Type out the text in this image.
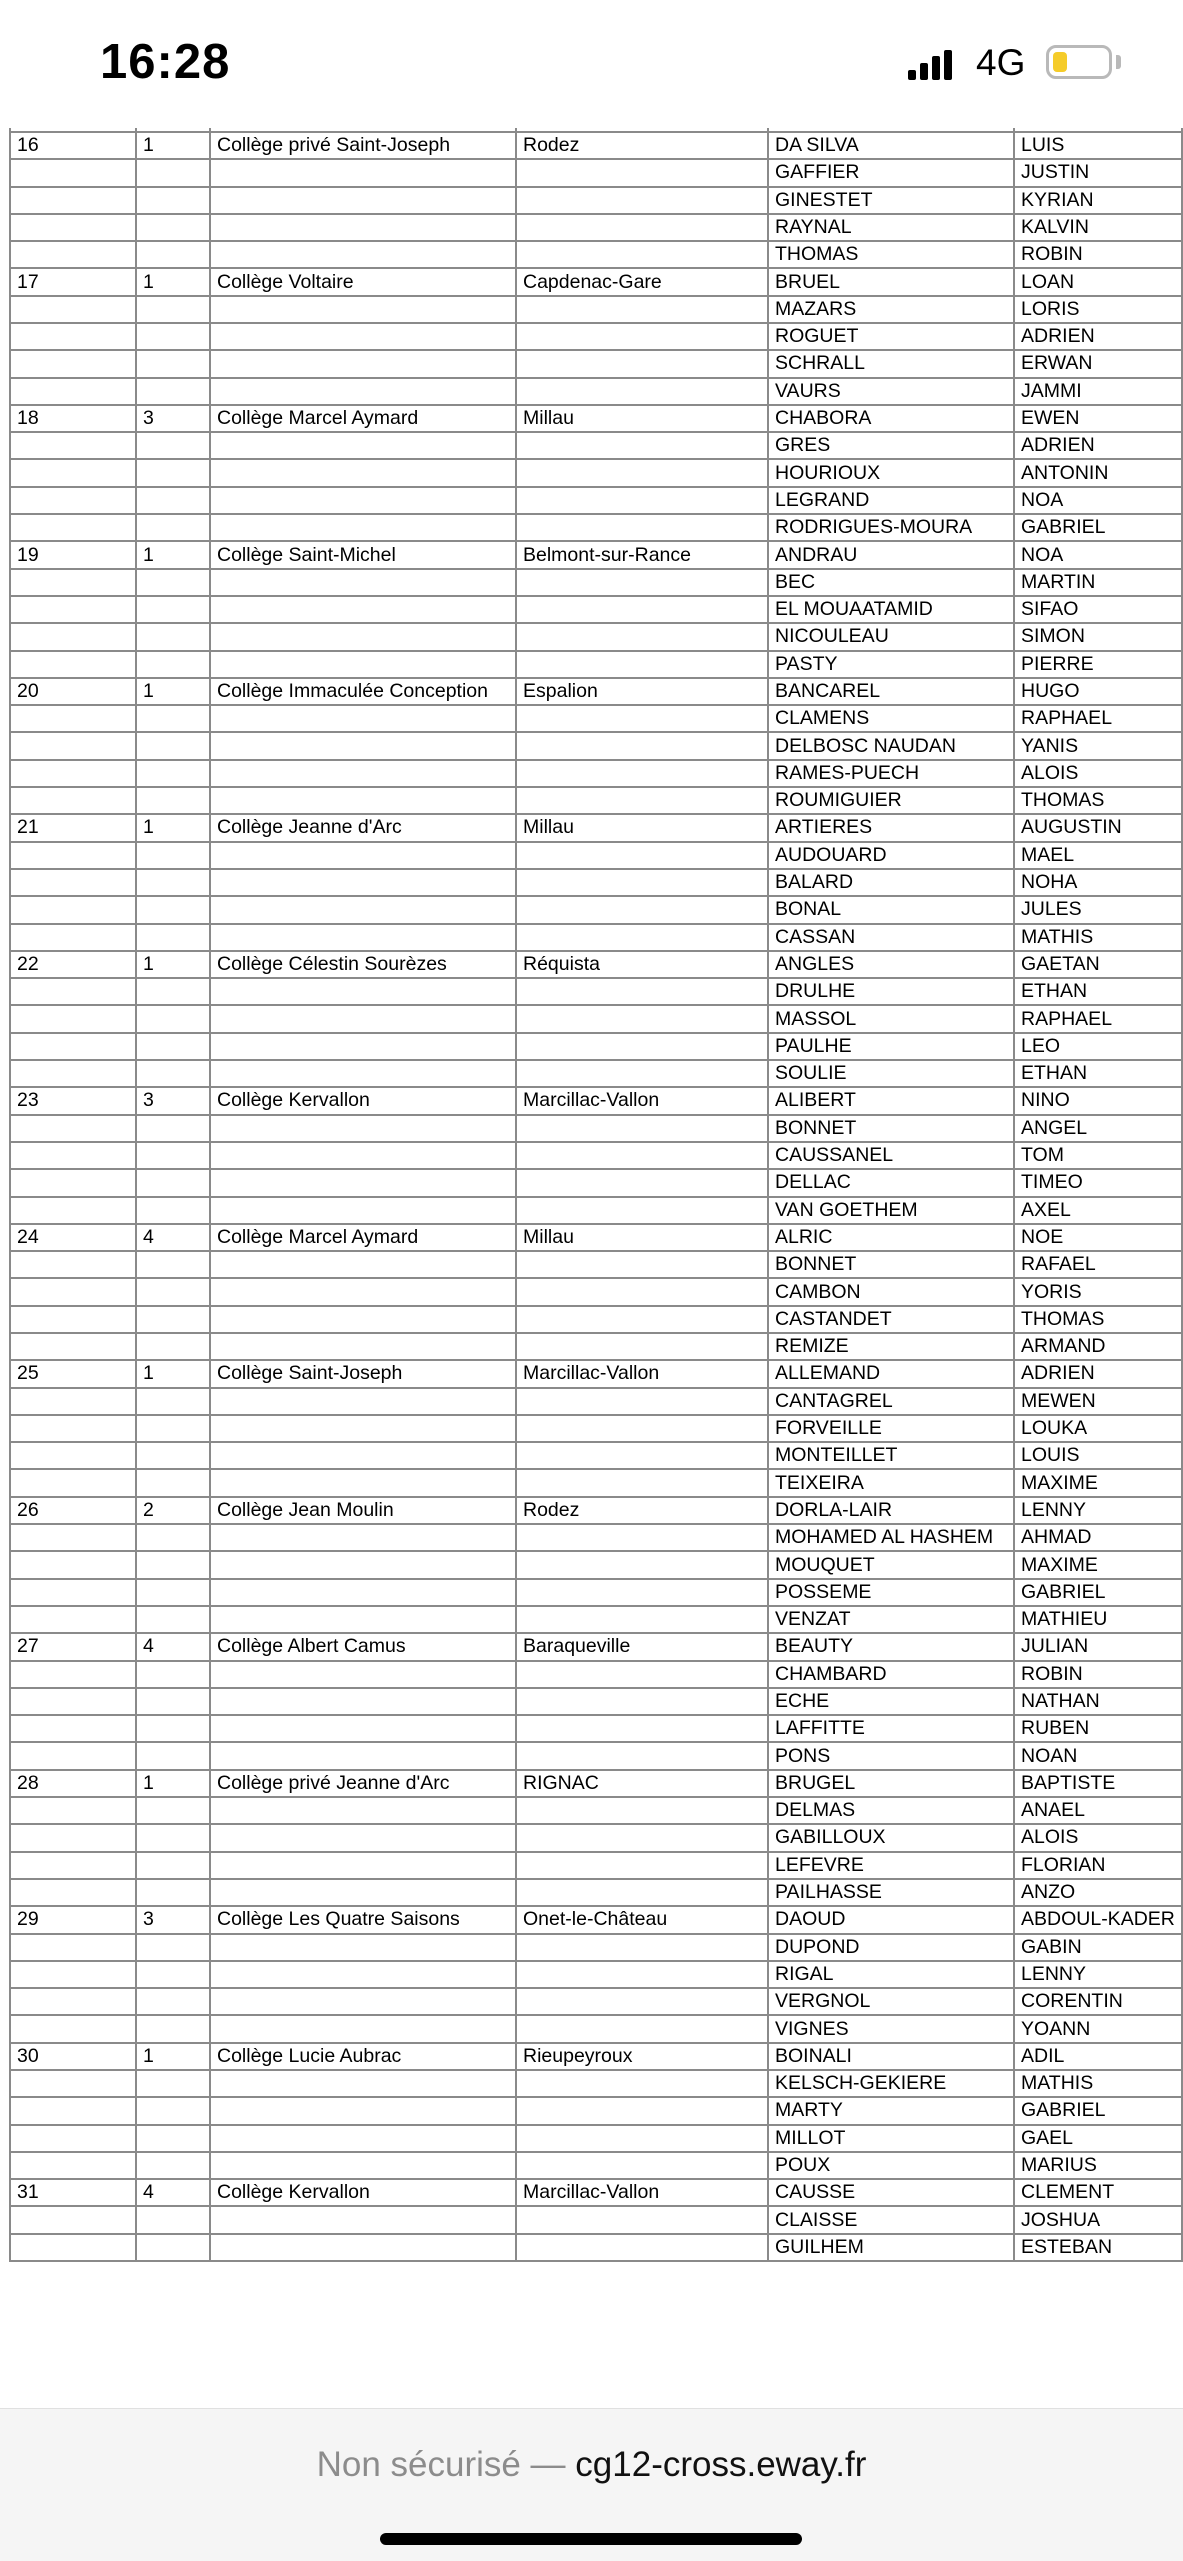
16:28	4G

16	1	Collège privé Saint-Joseph	Rodez	DA SILVA	LUIS
				GAFFIER	JUSTIN
				GINESTET	KYRIAN
				RAYNAL	KALVIN
				THOMAS	ROBIN
17	1	Collège Voltaire	Capdenac-Gare	BRUEL	LOAN
				MAZARS	LORIS
				ROGUET	ADRIEN
				SCHRALL	ERWAN
				VAURS	JAMMI
18	3	Collège Marcel Aymard	Millau	CHABORA	EWEN
				GRES	ADRIEN
				HOURIOUX	ANTONIN
				LEGRAND	NOA
				RODRIGUES-MOURA	GABRIEL
19	1	Collège Saint-Michel	Belmont-sur-Rance	ANDRAU	NOA
				BEC	MARTIN
				EL MOUAATAMID	SIFAO
				NICOULEAU	SIMON
				PASTY	PIERRE
20	1	Collège Immaculée Conception	Espalion	BANCAREL	HUGO
				CLAMENS	RAPHAEL
				DELBOSC NAUDAN	YANIS
				RAMES-PUECH	ALOIS
				ROUMIGUIER	THOMAS
21	1	Collège Jeanne d'Arc	Millau	ARTIERES	AUGUSTIN
				AUDOUARD	MAEL
				BALARD	NOHA
				BONAL	JULES
				CASSAN	MATHIS
22	1	Collège Célestin Sourèzes	Réquista	ANGLES	GAETAN
				DRULHE	ETHAN
				MASSOL	RAPHAEL
				PAULHE	LEO
				SOULIE	ETHAN
23	3	Collège Kervallon	Marcillac-Vallon	ALIBERT	NINO
				BONNET	ANGEL
				CAUSSANEL	TOM
				DELLAC	TIMEO
				VAN GOETHEM	AXEL
24	4	Collège Marcel Aymard	Millau	ALRIC	NOE
				BONNET	RAFAEL
				CAMBON	YORIS
				CASTANDET	THOMAS
				REMIZE	ARMAND
25	1	Collège Saint-Joseph	Marcillac-Vallon	ALLEMAND	ADRIEN
				CANTAGREL	MEWEN
				FORVEILLE	LOUKA
				MONTEILLET	LOUIS
				TEIXEIRA	MAXIME
26	2	Collège Jean Moulin	Rodez	DORLA-LAIR	LENNY
				MOHAMED AL HASHEM	AHMAD
				MOUQUET	MAXIME
				POSSEME	GABRIEL
				VENZAT	MATHIEU
27	4	Collège Albert Camus	Baraqueville	BEAUTY	JULIAN
				CHAMBARD	ROBIN
				ECHE	NATHAN
				LAFFITTE	RUBEN
				PONS	NOAN
28	1	Collège privé Jeanne d'Arc	RIGNAC	BRUGEL	BAPTISTE
				DELMAS	ANAEL
				GABILLOUX	ALOIS
				LEFEVRE	FLORIAN
				PAILHASSE	ANZO
29	3	Collège Les Quatre Saisons	Onet-le-Château	DAOUD	ABDOUL-KADER
				DUPOND	GABIN
				RIGAL	LENNY
				VERGNOL	CORENTIN
				VIGNES	YOANN
30	1	Collège Lucie Aubrac	Rieupeyroux	BOINALI	ADIL
				KELSCH-GEKIERE	MATHIS
				MARTY	GABRIEL
				MILLOT	GAEL
				POUX	MARIUS
31	4	Collège Kervallon	Marcillac-Vallon	CAUSSE	CLEMENT
				CLAISSE	JOSHUA
				GUILHEM	ESTEBAN
Non sécurisé — cg12-cross.eway.fr
